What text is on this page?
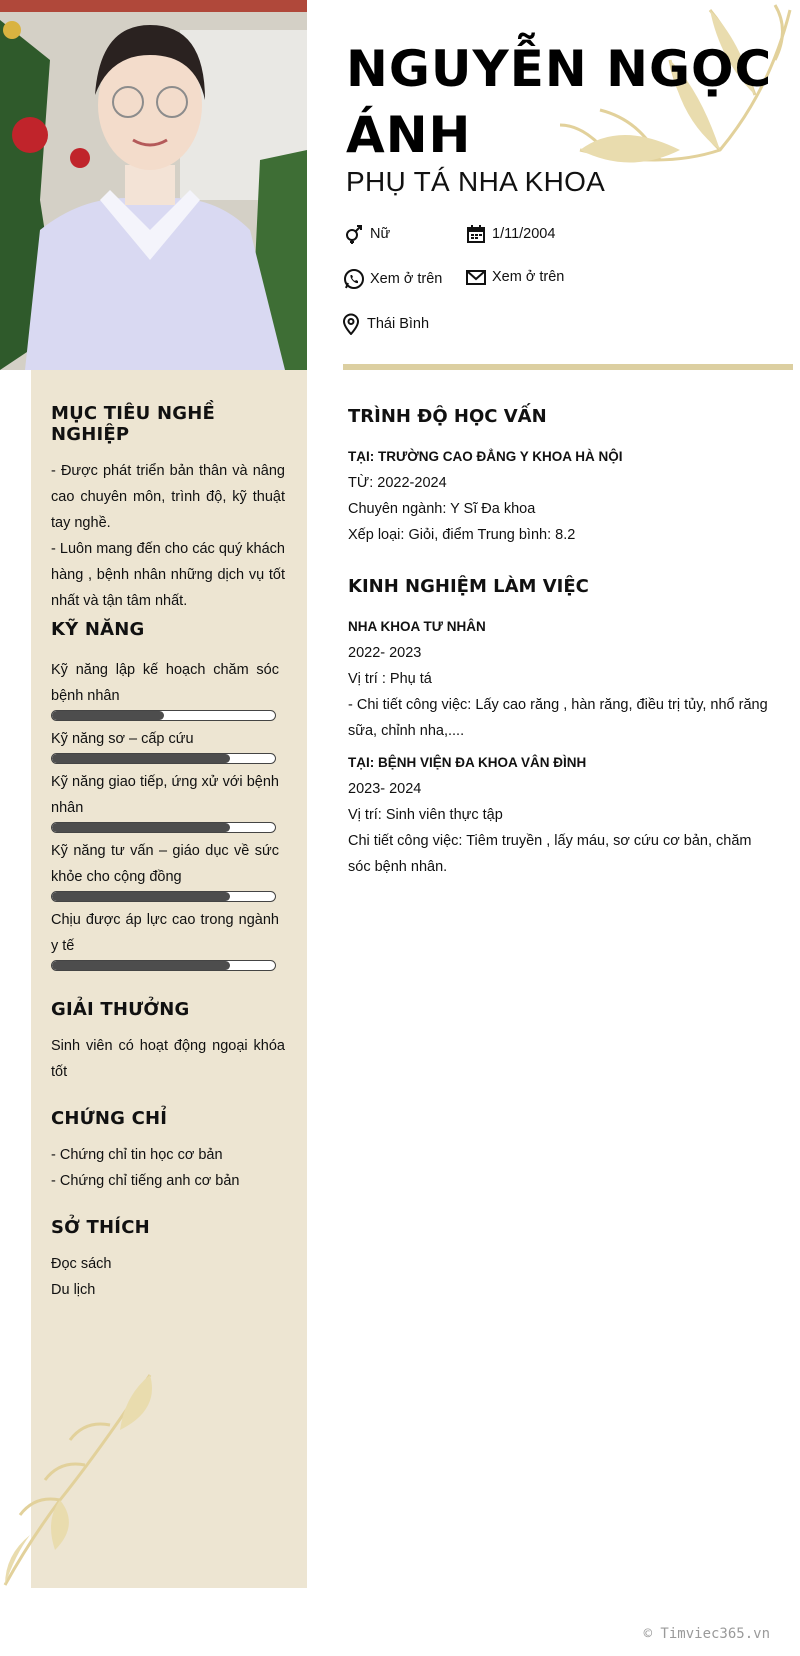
NGUYỄN NGỌC ÁNH
PHỤ TÁ NHA KHOA
Nữ	1/11/2004
Xem ở trên	Xem ở trên
Thái Bình
MỤC TIÊU NGHỀ NGHIỆP

- Được phát triển bản thân và nâng cao chuyên môn, trình độ, kỹ thuật tay nghề.

- Luôn mang đến cho các quý khách hàng , bệnh nhân những dịch vụ tốt nhất và tận tâm nhất.

KỸ NĂNG
Kỹ năng lập kế hoạch chăm sóc bệnh nhân
Kỹ năng sơ – cấp cứu
Kỹ năng giao tiếp, ứng xử với bệnh nhân
Kỹ năng tư vấn – giáo dục về sức khỏe cho cộng đồng
Chịu được áp lực cao trong ngành y tế
GIẢI THƯỞNG

Sinh viên có hoạt động ngoại khóa tốt

CHỨNG CHỈ

- Chứng chỉ tin học cơ bản

- Chứng chỉ tiếng anh cơ bản

SỞ THÍCH

Đọc sách

Du lịch

TRÌNH ĐỘ HỌC VẤN
TẠI: TRƯỜNG CAO ĐẲNG Y KHOA HÀ NỘI
TỪ: 2022-2024
Chuyên ngành: Y Sĩ Đa khoa
Xếp loại: Giỏi, điểm Trung bình: 8.2
KINH NGHIỆM LÀM VIỆC
NHA KHOA TƯ NHÂN
2022- 2023
Vị trí : Phụ tá
- Chi tiết công việc: Lấy cao răng , hàn răng, điều trị tủy, nhổ răng sữa, chỉnh nha,....
TẠI: BỆNH VIỆN ĐA KHOA VÂN ĐÌNH
2023- 2024
Vị trí: Sinh viên thực tập
Chi tiết công việc: Tiêm truyền , lấy máu, sơ cứu cơ bản, chăm sóc bệnh nhân.
© Timviec365.vn
